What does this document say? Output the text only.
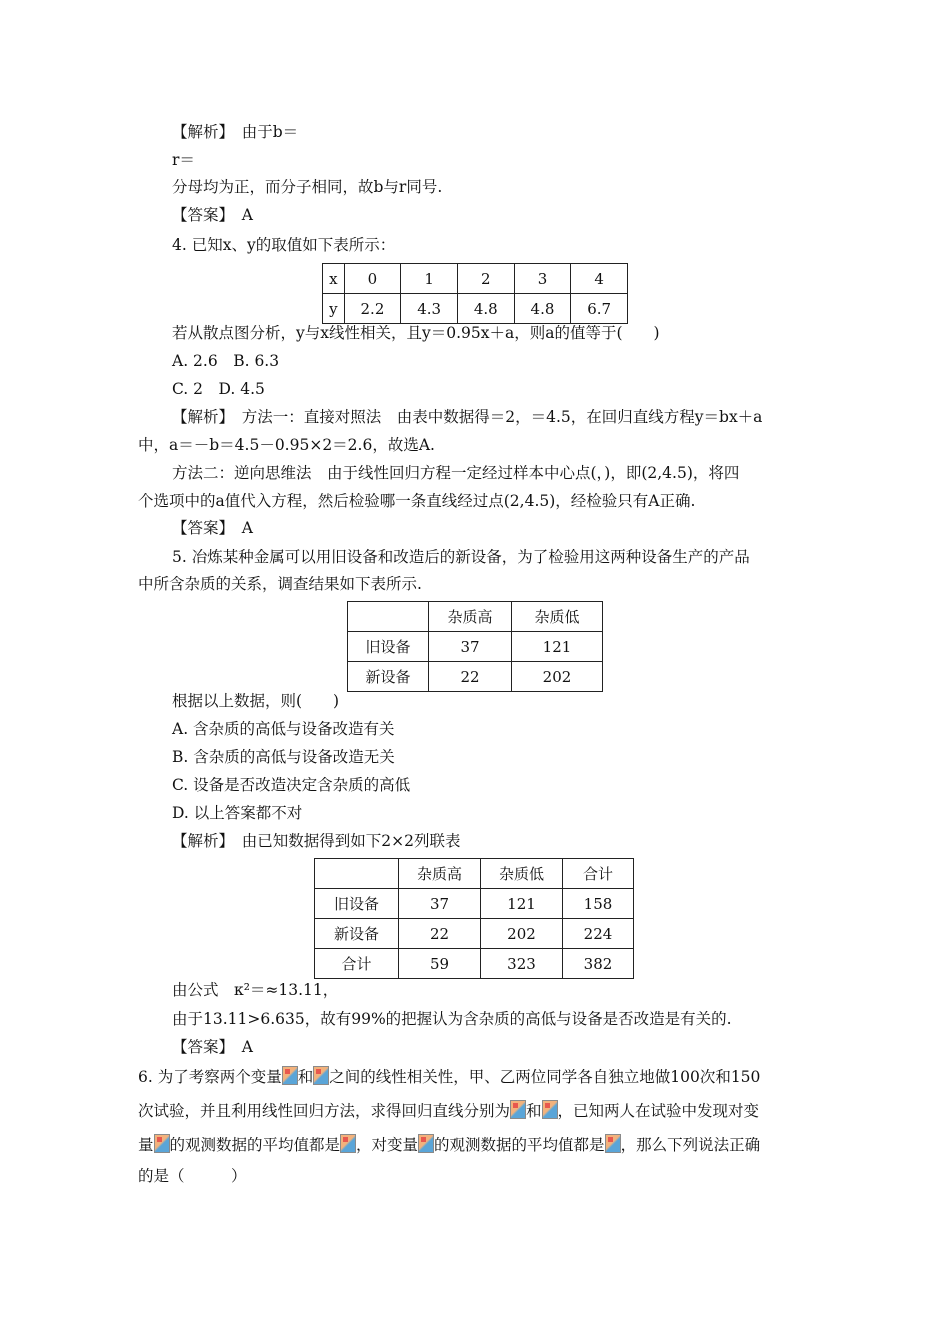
【解析】　由于b＝
r＝
分母均为正，而分子相同，故b与r同号.
【答案】　A
4. 已知x、y的取值如下表所示：
x	0	1	2	3	4
y	2.2	4.3	4.8	4.8	6.7
若从散点图分析，y与x线性相关，且y＝0.95x＋a，则a的值等于(　　)
A. 2.6　B. 6.3
C. 2　D. 4.5
【解析】　方法一：直接对照法　由表中数据得＝2，＝4.5，在回归直线方程y＝bx＋a
中，a＝－b＝4.5－0.95×2＝2.6，故选A.
方法二：逆向思维法　由于线性回归方程一定经过样本中心点(，)，即(2,4.5)，将四
个选项中的a值代入方程，然后检验哪一条直线经过点(2,4.5)，经检验只有A正确.
【答案】　A
5. 冶炼某种金属可以用旧设备和改造后的新设备，为了检验用这两种设备生产的产品
中所含杂质的关系，调查结果如下表所示.
	杂质高	杂质低
旧设备	37	121
新设备	22	202
根据以上数据，则(　　)
A. 含杂质的高低与设备改造有关
B. 含杂质的高低与设备改造无关
C. 设备是否改造决定含杂质的高低
D. 以上答案都不对
【解析】　由已知数据得到如下2×2列联表
	杂质高	杂质低	合计
旧设备	37	121	158
新设备	22	202	224
合计	59	323	382
由公式　κ²＝≈13.11，
由于13.11>6.635，故有99%的把握认为含杂质的高低与设备是否改造是有关的.
【答案】　A
6. 为了考察两个变量 和 之间的线性相关性，甲、乙两位同学各自独立地做100次和150
次试验，并且利用线性回归方法，求得回归直线分别为 和 ，已知两人在试验中发现对变
量 的观测数据的平均值都是 ，对变量 的观测数据的平均值都是 ，那么下列说法正确
的是（　　　）
